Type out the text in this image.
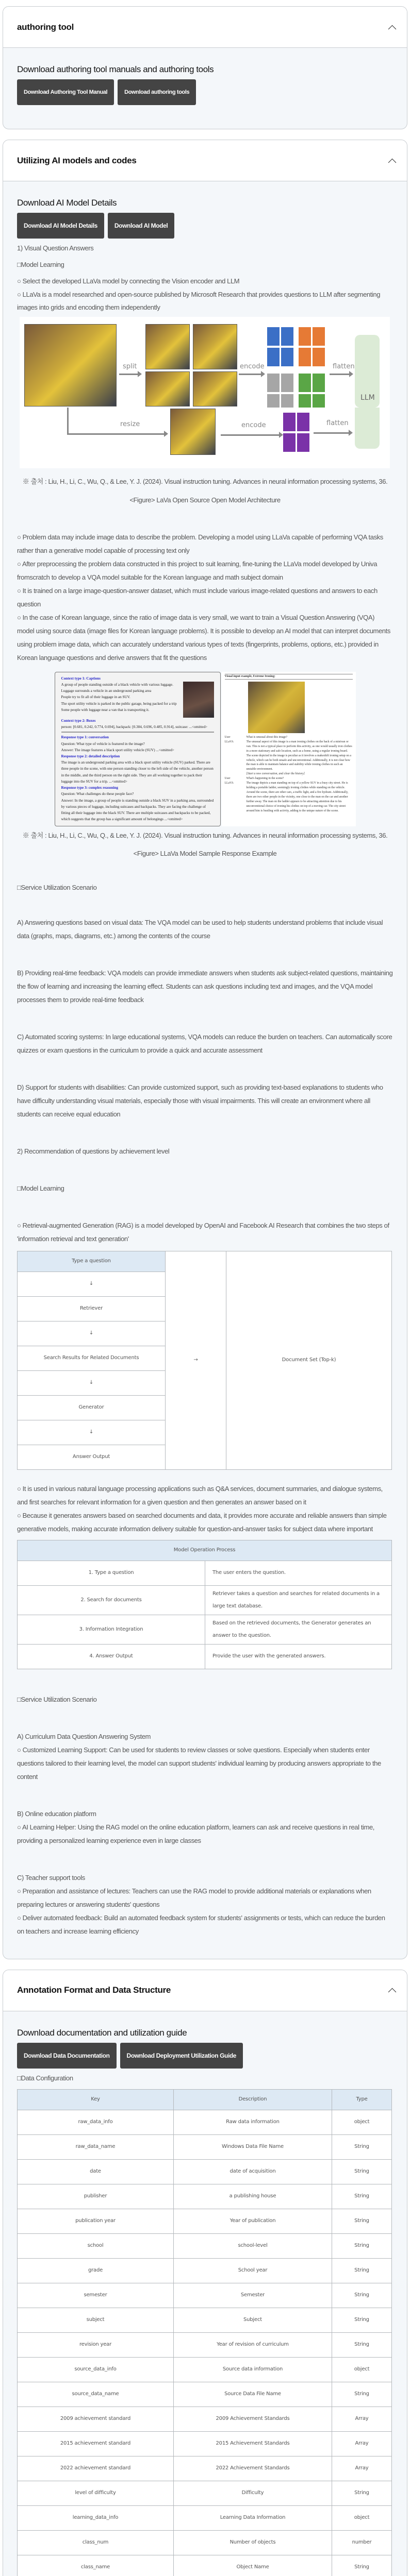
authoring tool
Download authoring tool manuals and authoring tools
Download Authoring Tool Manual	Download authoring tools
Utilizing AI models and codes
Download AI Model Details
Download AI Model Details	Download AI Model

1) Visual Question Answers

□Model Learning

○ Select the developed LLaVa model by connecting the Vision encoder and LLM

○ LLaVa is a model researched and open-source published by Microsoft Research that provides questions to LLM after segmenting images into grids and encoding them independently

split	encode	flatten
LLM
resize	encode	flatten

※ 출처 : Liu, H., Li, C., Wu, Q., & Lee, Y. J. (2024). Visual instruction tuning. Advances in neural information processing systems, 36.

<Figure> LaVa Open Source Open Model Architecture

○ Problem data may include image data to describe the problem. Developing a model using LLaVa capable of performing VQA tasks rather than a generative model capable of processing text only

○ After preprocessing the problem data constructed in this project to suit learning, fine-tuning the LLaVa model developed by Univa fromscratch to develop a VQA model suitable for the Korean language and math subject domain

○ It is trained on a large image-question-answer dataset, which must include various image-related questions and answers to each question

○ In the case of Korean language, since the ratio of image data is very small, we want to train a Visual Question Answering (VQA) model using source data (image files for Korean language problems). It is possible to develop an AI model that can interpret documents using problem image data, which can accurately understand various types of texts (fingerprints, problems, options, etc.) provided in Korean language questions and derive answers that fit the questions

Context type 1: Captions
A group of people standing outside of a black vehicle with various luggage.
Luggage surrounds a vehicle in an underground parking area
People try to fit all of their luggage in an SUV.
The sport utility vehicle is parked in the public garage, being packed for a trip
Some people with luggage near a van that is transporting it.
Context type 2: Boxes
person: [0.681, 0.242, 0.774, 0.694], backpack: [0.384, 0.696, 0.485, 0.914], suitcase: ...<omitted>
Response type 1: conversation
Question: What type of vehicle is featured in the image?
Answer: The image features a black sport utility vehicle (SUV) ...<omitted>
Response type 2: detailed description
The image is an underground parking area with a black sport utility vehicle (SUV) parked. There are three people in the scene, with one person standing closer to the left side of the vehicle, another person in the middle, and the third person on the right side. They are all working together to pack their luggage into the SUV for a trip. ...<omitted>
Response type 3: complex reasoning
Question: What challenges do these people face?
Answer: In the image, a group of people is standing outside a black SUV in a parking area, surrounded by various pieces of luggage, including suitcases and backpacks. They are facing the challenge of fitting all their luggage into the black SUV. There are multiple suitcases and backpacks to be packed, which suggests that the group has a significant amount of belongings ...<omitted>
Visual input example, Extreme Ironing:
User	What is unusual about this image?
LLaVA	The unusual aspect of this image is a man ironing clothes on the back of a minivan or van. This is not a typical place to perform this activity, as one would usually iron clothes in a more stationary and safe location, such as a home, using a regular ironing board. The scene depicted in the image is peculiar as it involves a makeshift ironing setup on a vehicle, which can be both unsafe and unconventional. Additionally, it is not clear how the man is able to maintain balance and stability while ironing clothes in such an unstable environment.
[Start a new conversation, and clear the history]
User	What's happening in the scene?
LLaVA	The image depicts a man standing on top of a yellow SUV in a busy city street. He is holding a portable ladder, seemingly ironing clothes while standing on the vehicle. Around the scene, there are other cars, a traffic light, and a fire hydrant. Additionally, there are two other people in the vicinity, one close to the man on the car and another further away. The man on the ladder appears to be attracting attention due to his unconventional choice of ironing his clothes on top of a moving car. The city street around him is bustling with activity, adding to the unique nature of the scene.

※ 출처 : Liu, H., Li, C., Wu, Q., & Lee, Y. J. (2024). Visual instruction tuning. Advances in neural information processing systems, 36.

<Figure> LLaVa Model Sample Response Example

□Service Utilization Scenario

A) Answering questions based on visual data: The VQA model can be used to help students understand problems that include visual data (graphs, maps, diagrams, etc.) among the contents of the course

B) Providing real-time feedback: VQA models can provide immediate answers when students ask subject-related questions, maintaining the flow of learning and increasing the learning effect. Students can ask questions including text and images, and the VQA model processes them to provide real-time feedback

C) Automated scoring systems: In large educational systems, VQA models can reduce the burden on teachers. Can automatically score quizzes or exam questions in the curriculum to provide a quick and accurate assessment

D) Support for students with disabilities: Can provide customized support, such as providing text-based explanations to students who have difficulty understanding visual materials, especially those with visual impairments. This will create an environment where all students can receive equal education

2) Recommendation of questions by achievement level

□Model Learning

○ Retrieval-augmented Generation (RAG) is a model developed by OpenAI and Facebook AI Research that combines the two steps of 'information retrieval and text generation'

Type a question	→	Document Set (Top-k)
↓
Retriever
↓
Search Results for Related Documents
↓
Generator
↓
Answer Output

○ It is used in various natural language processing applications such as Q&A services, document summaries, and dialogue systems, and first searches for relevant information for a given question and then generates an answer based on it

○ Because it generates answers based on searched documents and data, it provides more accurate and reliable answers than simple generative models, making accurate information delivery suitable for question-and-answer tasks for subject data where important

Model Operation Process	
1. Type a question	The user enters the question.
2. Search for documents	Retriever takes a question and searches for related documents in a large text database.
3. Information Integration	Based on the retrieved documents, the Generator generates an answer to the question.
4. Answer Output	Provide the user with the generated answers.

□Service Utilization Scenario

A) Curriculum Data Question Answering System

○ Customized Learning Support: Can be used for students to review classes or solve questions. Especially when students enter questions tailored to their learning level, the model can support students' individual learning by producing answers appropriate to the content

B) Online education platform

○ AI Learning Helper: Using the RAG model on the online education platform, learners can ask and receive questions in real time, providing a personalized learning experience even in large classes

C) Teacher support tools

○ Preparation and assistance of lectures: Teachers can use the RAG model to provide additional materials or explanations when preparing lectures or answering students' questions

○ Deliver automated feedback: Build an automated feedback system for students' assignments or tests, which can reduce the burden on teachers and increase learning efficiency

Annotation Format and Data Structure
Download documentation and utilization guide
Download Data Documentation	Download Deployment Utilization Guide

□Data Configuration

Key	Description	Type
raw_data_info	Raw data information	object
raw_data_name	Windows Data File Name	String
date	date of acquisition	String
publisher	a publishing house	String
publication year	Year of publication	String
school	school-level	String
grade	School year	String
semester	Semester	String
subject	Subject	String
revision year	Year of revision of curriculum	String
source_data_info	Source data information	object
source_data_name	Source Data File Name	String
2009 achievement standard	2009 Achievement Standards	Array
2015 achievement standard	2015 Achievement Standards	Array
2022 achievement standard	2022 Achievement Standards	Array
level of difficulty	Difficulty	String
learning_data_info	Learning Data Information	object
class_num	Number of objects	number
class_name	Object Name	String
